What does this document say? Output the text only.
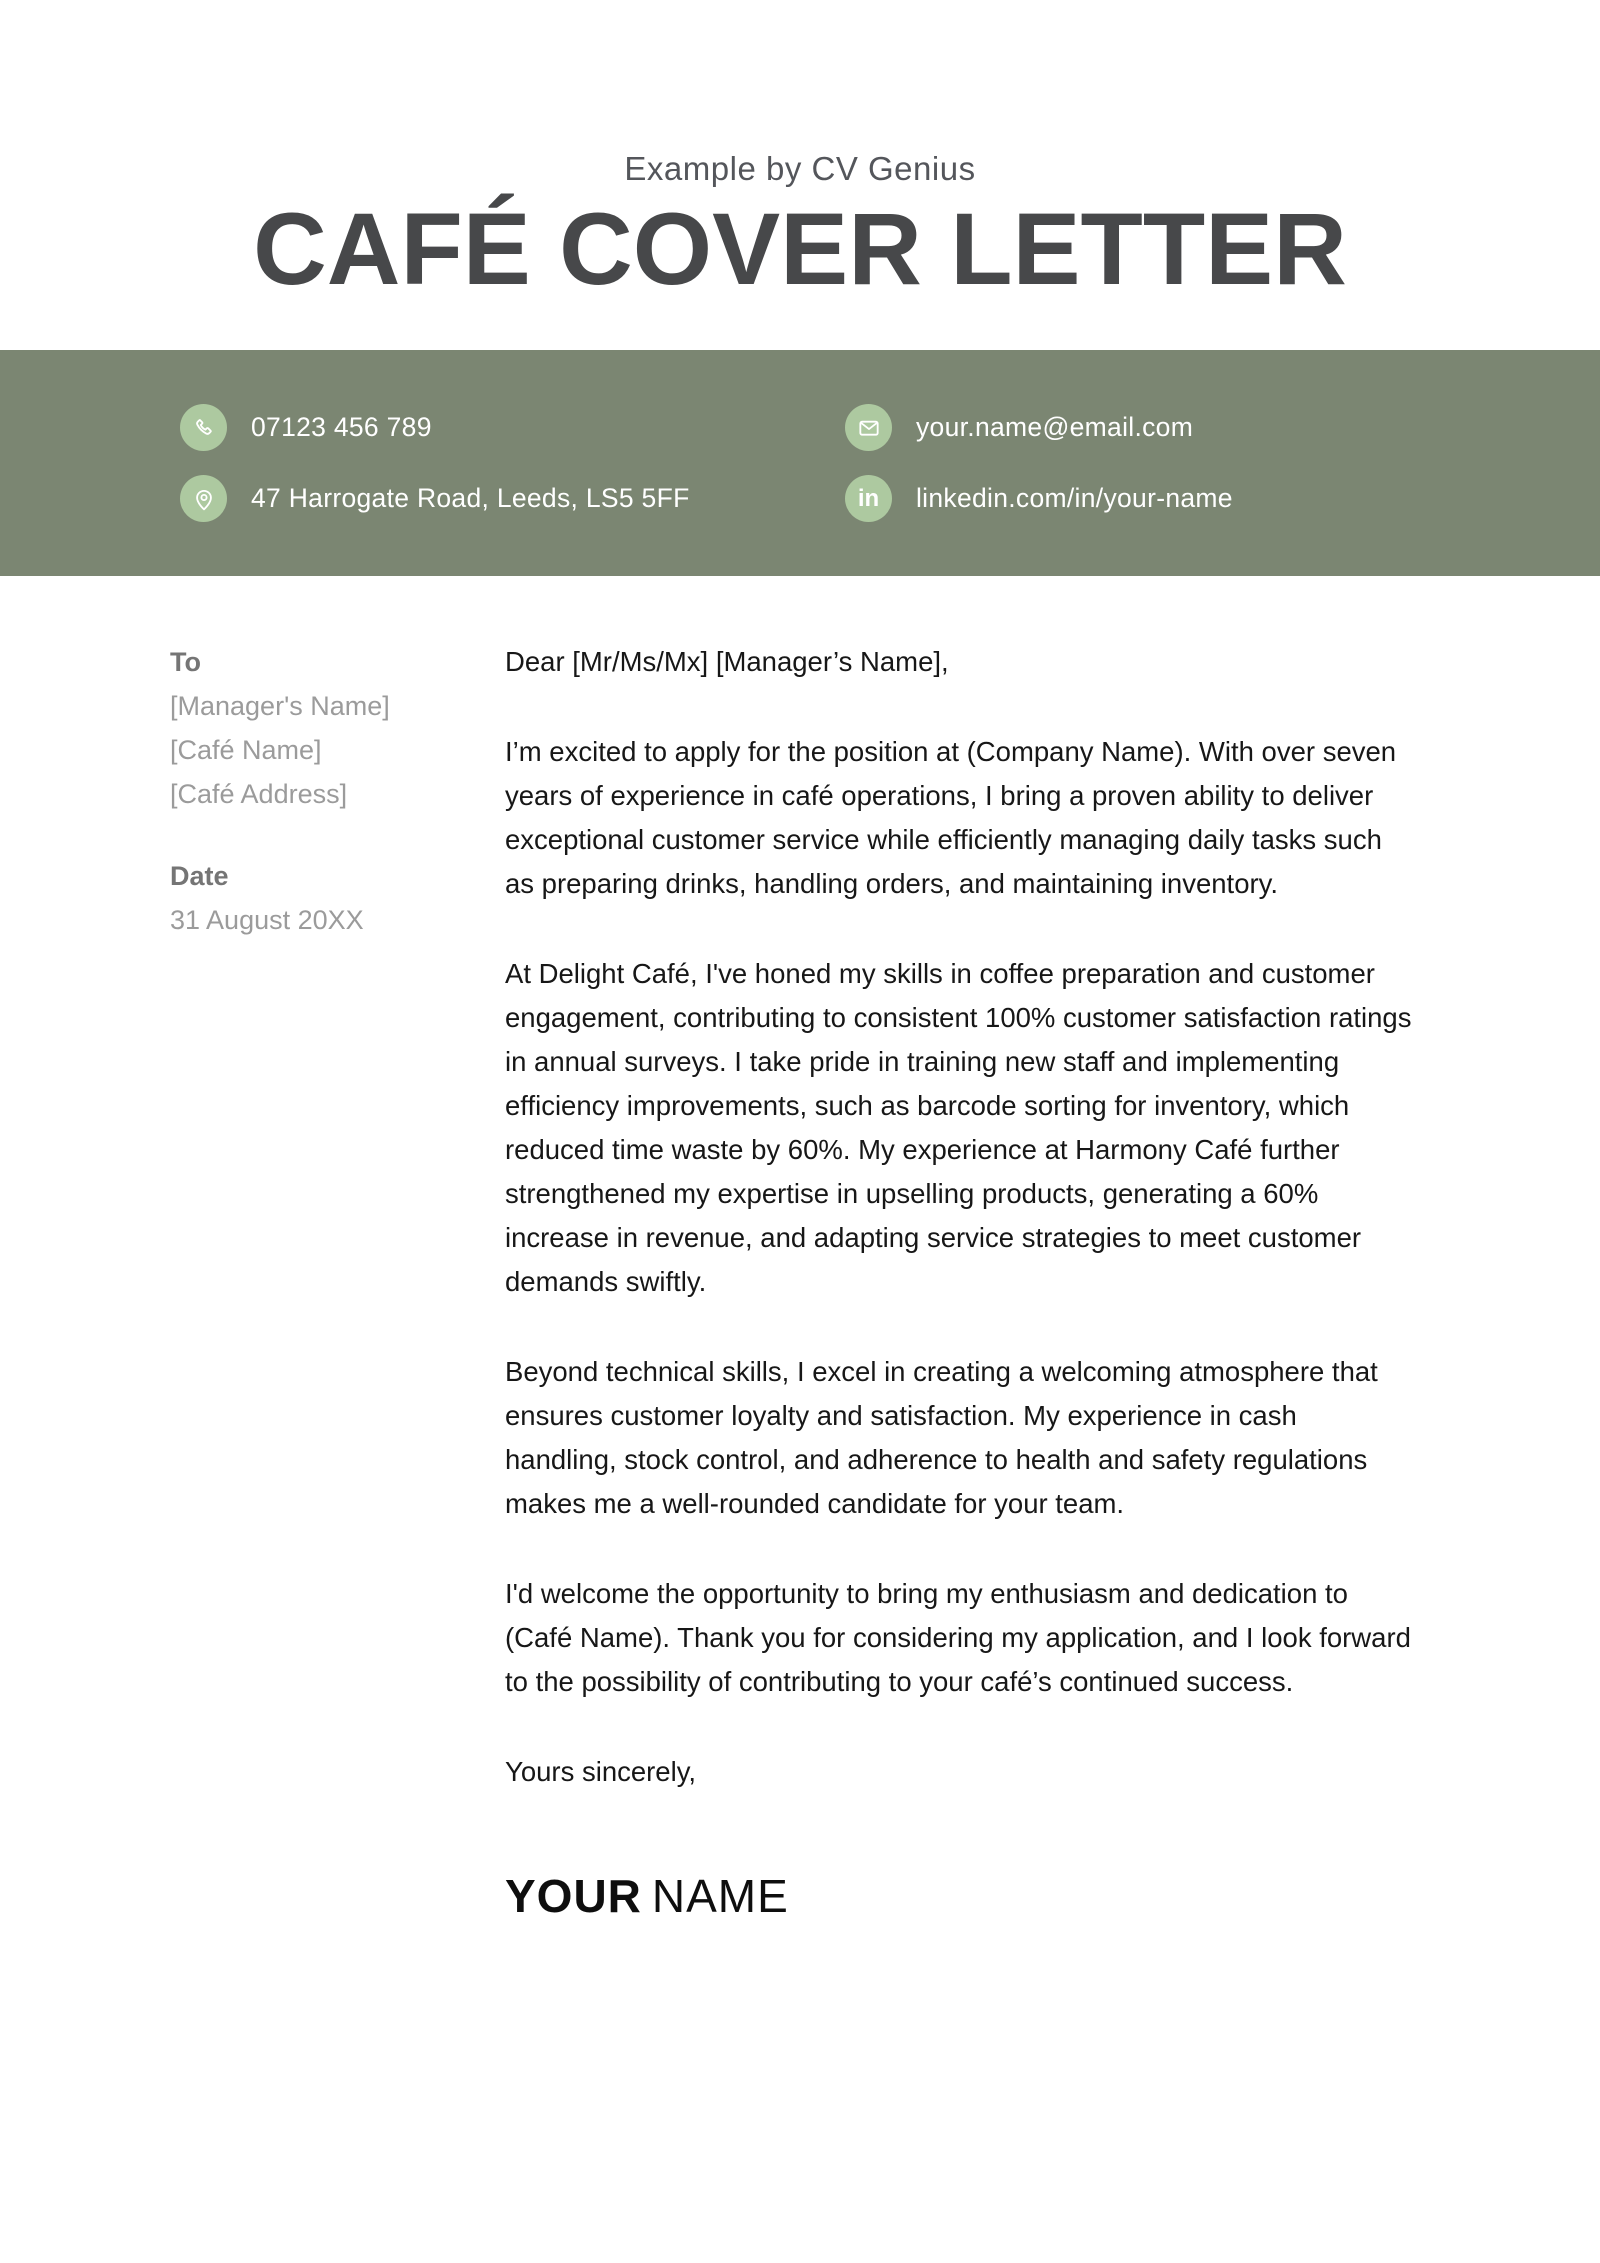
Example by CV Genius
CAFÉ COVER LETTER
07123 456 789
47 Harrogate Road, Leeds, LS5 5FF
your.name@email.com
in linkedin.com/in/your-name
To
[Manager's Name]
[Café Name]
[Café Address]
Date
31 August 20XX

Dear [Mr/Ms/Mx] [Manager’s Name],

I’m excited to apply for the position at (Company Name). With over seven years of experience in café operations, I bring a proven ability to deliver exceptional customer service while efficiently managing daily tasks such as preparing drinks, handling orders, and maintaining inventory.

At Delight Café, I've honed my skills in coffee preparation and customer engagement, contributing to consistent 100% customer satisfaction ratings in annual surveys. I take pride in training new staff and implementing efficiency improvements, such as barcode sorting for inventory, which reduced time waste by 60%. My experience at Harmony Café further strengthened my expertise in upselling products, generating a 60% increase in revenue, and adapting service strategies to meet customer demands swiftly.

Beyond technical skills, I excel in creating a welcoming atmosphere that ensures customer loyalty and satisfaction. My experience in cash handling, stock control, and adherence to health and safety regulations makes me a well-rounded candidate for your team.

I'd welcome the opportunity to bring my enthusiasm and dedication to (Café Name). Thank you for considering my application, and I look forward to the possibility of contributing to your café’s continued success.

Yours sincerely,

YOUR NAME
